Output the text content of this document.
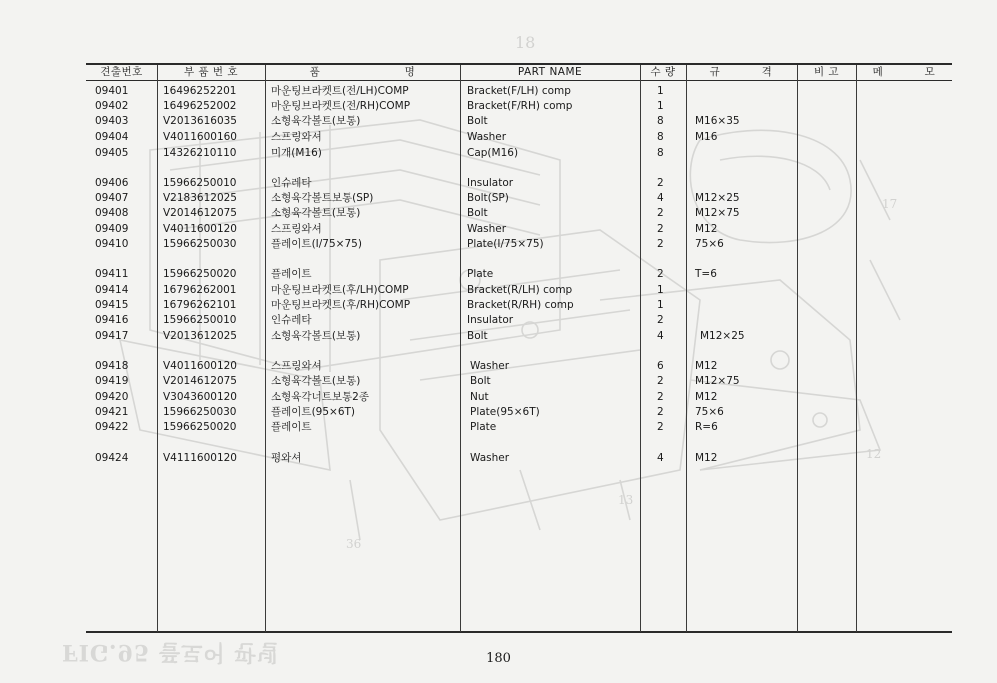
18
36
13
12
17
FIG.95 플로어 판넬
견출번호	부 품 번 호	품	명	PART NAME	수 량	규	격	비 고	메	모
09401	16496252201	마운팅브라켓트(전/LH)COMP	Bracket(F/LH) comp	1
09402	16496252002	마운팅브라켓트(전/RH)COMP	Bracket(F/RH) comp	1
09403	V2013616035	소형육각볼트(보통)	Bolt	8	M16×35
09404	V4011600160	스프링와셔	Washer	8	M16
09405	14326210110	미개(M16)	Cap(M16)	8
09406	15966250010	인슈레타	Insulator	2
09407	V2183612025	소형육각볼트보통(SP)	Bolt(SP)	4	M12×25
09408	V2014612075	소형육각볼트(보통)	Bolt	2	M12×75
09409	V4011600120	스프링와셔	Washer	2	M12
09410	15966250030	플레이트(I/75×75)	Plate(I/75×75)	2	75×6
09411	15966250020	플레이트	Plate	2	T=6
09414	16796262001	마운팅브라켓트(후/LH)COMP	Bracket(R/LH) comp	1
09415	16796262101	마운팅브라켓트(후/RH)COMP	Bracket(R/RH) comp	1
09416	15966250010	인슈레타	Insulator	2
09417	V2013612025	소형육각볼트(보통)	Bolt	4	M12×25
09418	V4011600120	스프링와셔	Washer	6	M12
09419	V2014612075	소형육각볼트(보통)	Bolt	2	M12×75
09420	V3043600120	소형육각너트보통2종	Nut	2	M12
09421	15966250030	플레이트(95×6T)	Plate(95×6T)	2	75×6
09422	15966250020	플레이트	Plate	2	R=6
09424	V4111600120	평와셔	Washer	4	M12
180
